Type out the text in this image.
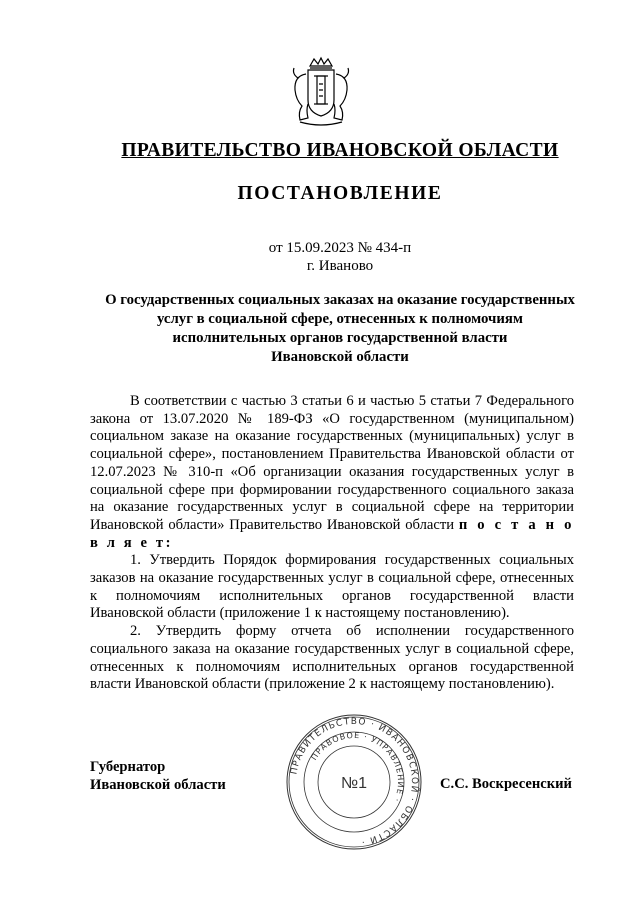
ПРАВИТЕЛЬСТВО ИВАНОВСКОЙ ОБЛАСТИ
ПОСТАНОВЛЕНИЕ
от 15.09.2023 № 434-п
г. Иваново
О государственных социальных заказах на оказание государственных
услуг в социальной сфере, отнесенных к полномочиям
исполнительных органов государственной власти
Ивановской области

В соответствии с частью 3 статьи 6 и частью 5 статьи 7 Федерального закона от 13.07.2020 № 189-ФЗ «О государственном (муниципальном) социальном заказе на оказание государственных (муниципальных) услуг в социальной сфере», постановлением Правительства Ивановской области от 12.07.2023 № 310-п «Об организации оказания государственных услуг в социальной сфере при формировании государственного социального заказа на оказание государственных услуг в социальной сфере на территории Ивановской области» Правительство Ивановской области п о с т а н о в л я е т:

1. Утвердить Порядок формирования государственных социальных заказов на оказание государственных услуг в социальной сфере, отнесенных к полномочиям исполнительных органов государственной власти Ивановской области (приложение 1 к настоящему постановлению).

2. Утвердить форму отчета об исполнении государственного социального заказа на оказание государственных услуг в социальной сфере, отнесенных к полномочиям исполнительных органов государственной власти Ивановской области (приложение 2 к настоящему постановлению).

Губернатор
Ивановской области	С.С. Воскресенский
ПРАВИТЕЛЬСТВО · ИВАНОВСКОЙ · ОБЛАСТИ ·
ПРАВОВОЕ · УПРАВЛЕНИЕ ·
№1
